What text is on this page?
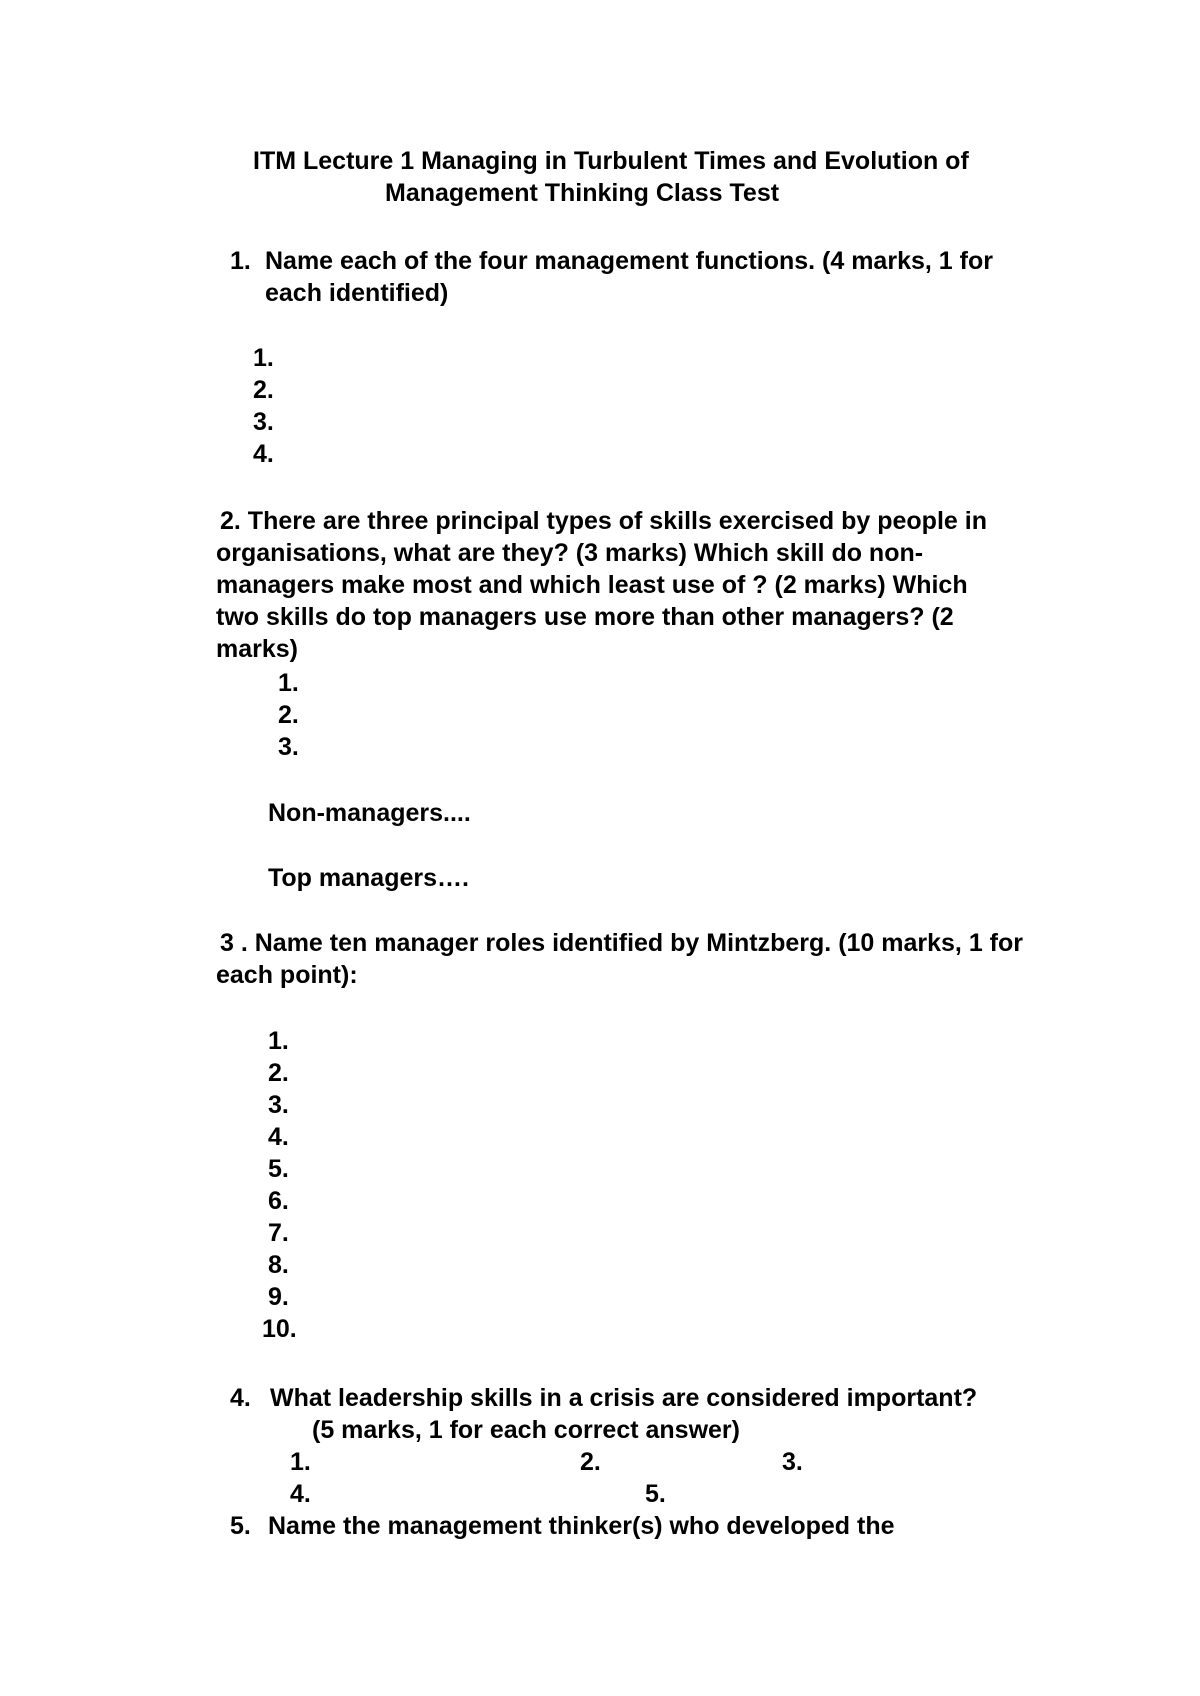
ITM Lecture 1 Managing in Turbulent Times and Evolution of
Management Thinking Class Test
1. Name each of the four management functions. (4 marks, 1 for
each identified)
1.
2.
3.
4.
2. There are three principal types of skills exercised by people in
organisations, what are they? (3 marks) Which skill do non-
managers make most and which least use of ? (2 marks) Which
two skills do top managers use more than other managers? (2
marks)
1.
2.
3.
Non-managers....
Top managers….
3 . Name ten manager roles identified by Mintzberg. (10 marks, 1 for
each point):
1.
2.
3.
4.
5.
6.
7.
8.
9.
10.
4. What leadership skills in a crisis are considered important?
(5 marks, 1 for each correct answer)
1.	2.	3.
4.	5.
5. Name the management thinker(s) who developed the
